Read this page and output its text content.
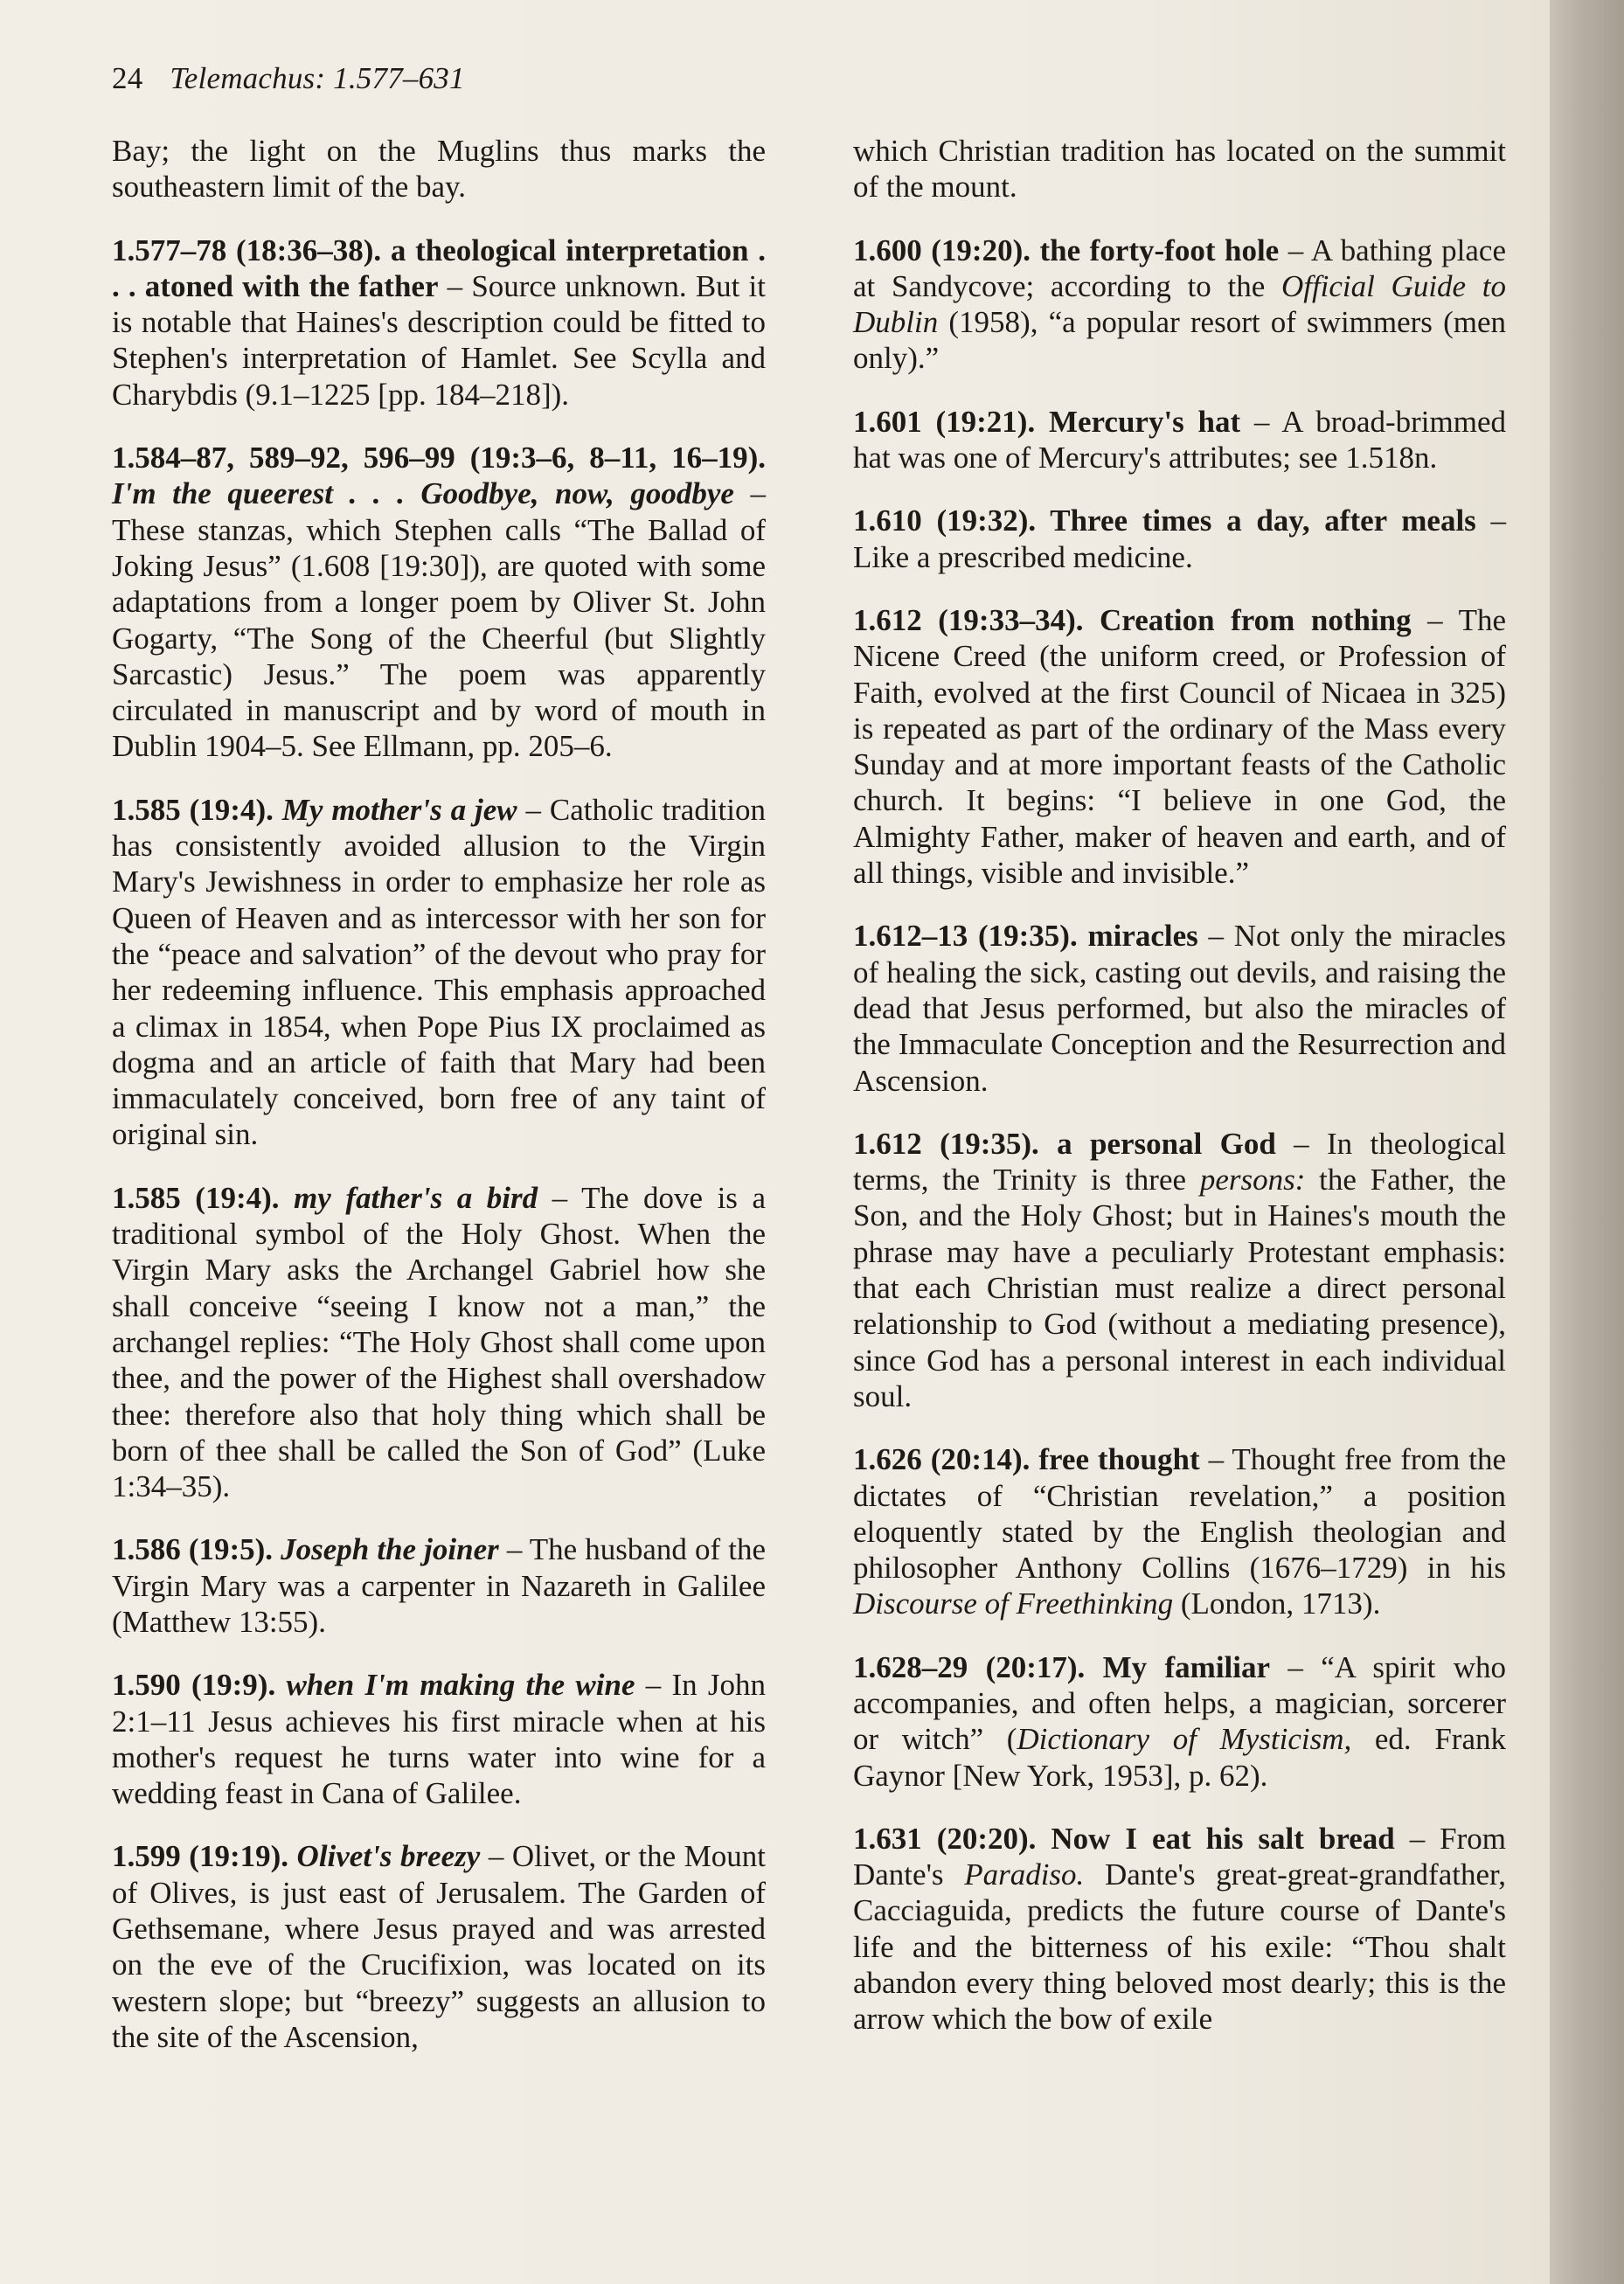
24 Telemachus: 1.577–631

Bay; the light on the Muglins thus marks the southeastern limit of the bay.

1.577–78 (18:36–38). a theological interpretation . . . atoned with the father – Source unknown. But it is notable that Haines's description could be fitted to Stephen's interpretation of Hamlet. See Scylla and Charybdis (9.1–1225 [pp. 184–218]).

1.584–87, 589–92, 596–99 (19:3–6, 8–11, 16–19). I'm the queerest . . . Goodbye, now, goodbye – These stanzas, which Stephen calls “The Ballad of Joking Jesus” (1.608 [19:30]), are quoted with some adaptations from a longer poem by Oliver St. John Gogarty, “The Song of the Cheerful (but Slightly Sarcastic) Jesus.” The poem was apparently circulated in manuscript and by word of mouth in Dublin 1904–5. See Ellmann, pp. 205–6.

1.585 (19:4). My mother's a jew – Catholic tradition has consistently avoided allusion to the Virgin Mary's Jewishness in order to emphasize her role as Queen of Heaven and as intercessor with her son for the “peace and salvation” of the devout who pray for her redeeming influence. This emphasis approached a climax in 1854, when Pope Pius IX proclaimed as dogma and an article of faith that Mary had been immaculately conceived, born free of any taint of original sin.

1.585 (19:4). my father's a bird – The dove is a traditional symbol of the Holy Ghost. When the Virgin Mary asks the Archangel Gabriel how she shall conceive “seeing I know not a man,” the archangel replies: “The Holy Ghost shall come upon thee, and the power of the Highest shall overshadow thee: therefore also that holy thing which shall be born of thee shall be called the Son of God” (Luke 1:34–35).

1.586 (19:5). Joseph the joiner – The husband of the Virgin Mary was a carpenter in Nazareth in Galilee (Matthew 13:55).

1.590 (19:9). when I'm making the wine – In John 2:1–11 Jesus achieves his first miracle when at his mother's request he turns water into wine for a wedding feast in Cana of Galilee.

1.599 (19:19). Olivet's breezy – Olivet, or the Mount of Olives, is just east of Jerusalem. The Garden of Gethsemane, where Jesus prayed and was arrested on the eve of the Crucifixion, was located on its western slope; but “breezy” suggests an allusion to the site of the Ascension,

which Christian tradition has located on the summit of the mount.

1.600 (19:20). the forty-foot hole – A bathing place at Sandycove; according to the Official Guide to Dublin (1958), “a popular resort of swimmers (men only).”

1.601 (19:21). Mercury's hat – A broad-brimmed hat was one of Mercury's attributes; see 1.518n.

1.610 (19:32). Three times a day, after meals – Like a prescribed medicine.

1.612 (19:33–34). Creation from nothing – The Nicene Creed (the uniform creed, or Profession of Faith, evolved at the first Council of Nicaea in 325) is repeated as part of the ordinary of the Mass every Sunday and at more important feasts of the Catholic church. It begins: “I believe in one God, the Almighty Father, maker of heaven and earth, and of all things, visible and invisible.”

1.612–13 (19:35). miracles – Not only the miracles of healing the sick, casting out devils, and raising the dead that Jesus performed, but also the miracles of the Immaculate Conception and the Resurrection and Ascension.

1.612 (19:35). a personal God – In theological terms, the Trinity is three persons: the Father, the Son, and the Holy Ghost; but in Haines's mouth the phrase may have a peculiarly Protestant emphasis: that each Christian must realize a direct personal relationship to God (without a mediating presence), since God has a personal interest in each individual soul.

1.626 (20:14). free thought – Thought free from the dictates of “Christian revelation,” a position eloquently stated by the English theologian and philosopher Anthony Collins (1676–1729) in his Discourse of Freethinking (London, 1713).

1.628–29 (20:17). My familiar – “A spirit who accompanies, and often helps, a magician, sorcerer or witch” (Dictionary of Mysticism, ed. Frank Gaynor [New York, 1953], p. 62).

1.631 (20:20). Now I eat his salt bread – From Dante's Paradiso. Dante's great-great-grandfather, Cacciaguida, predicts the future course of Dante's life and the bitterness of his exile: “Thou shalt abandon every thing beloved most dearly; this is the arrow which the bow of exile
